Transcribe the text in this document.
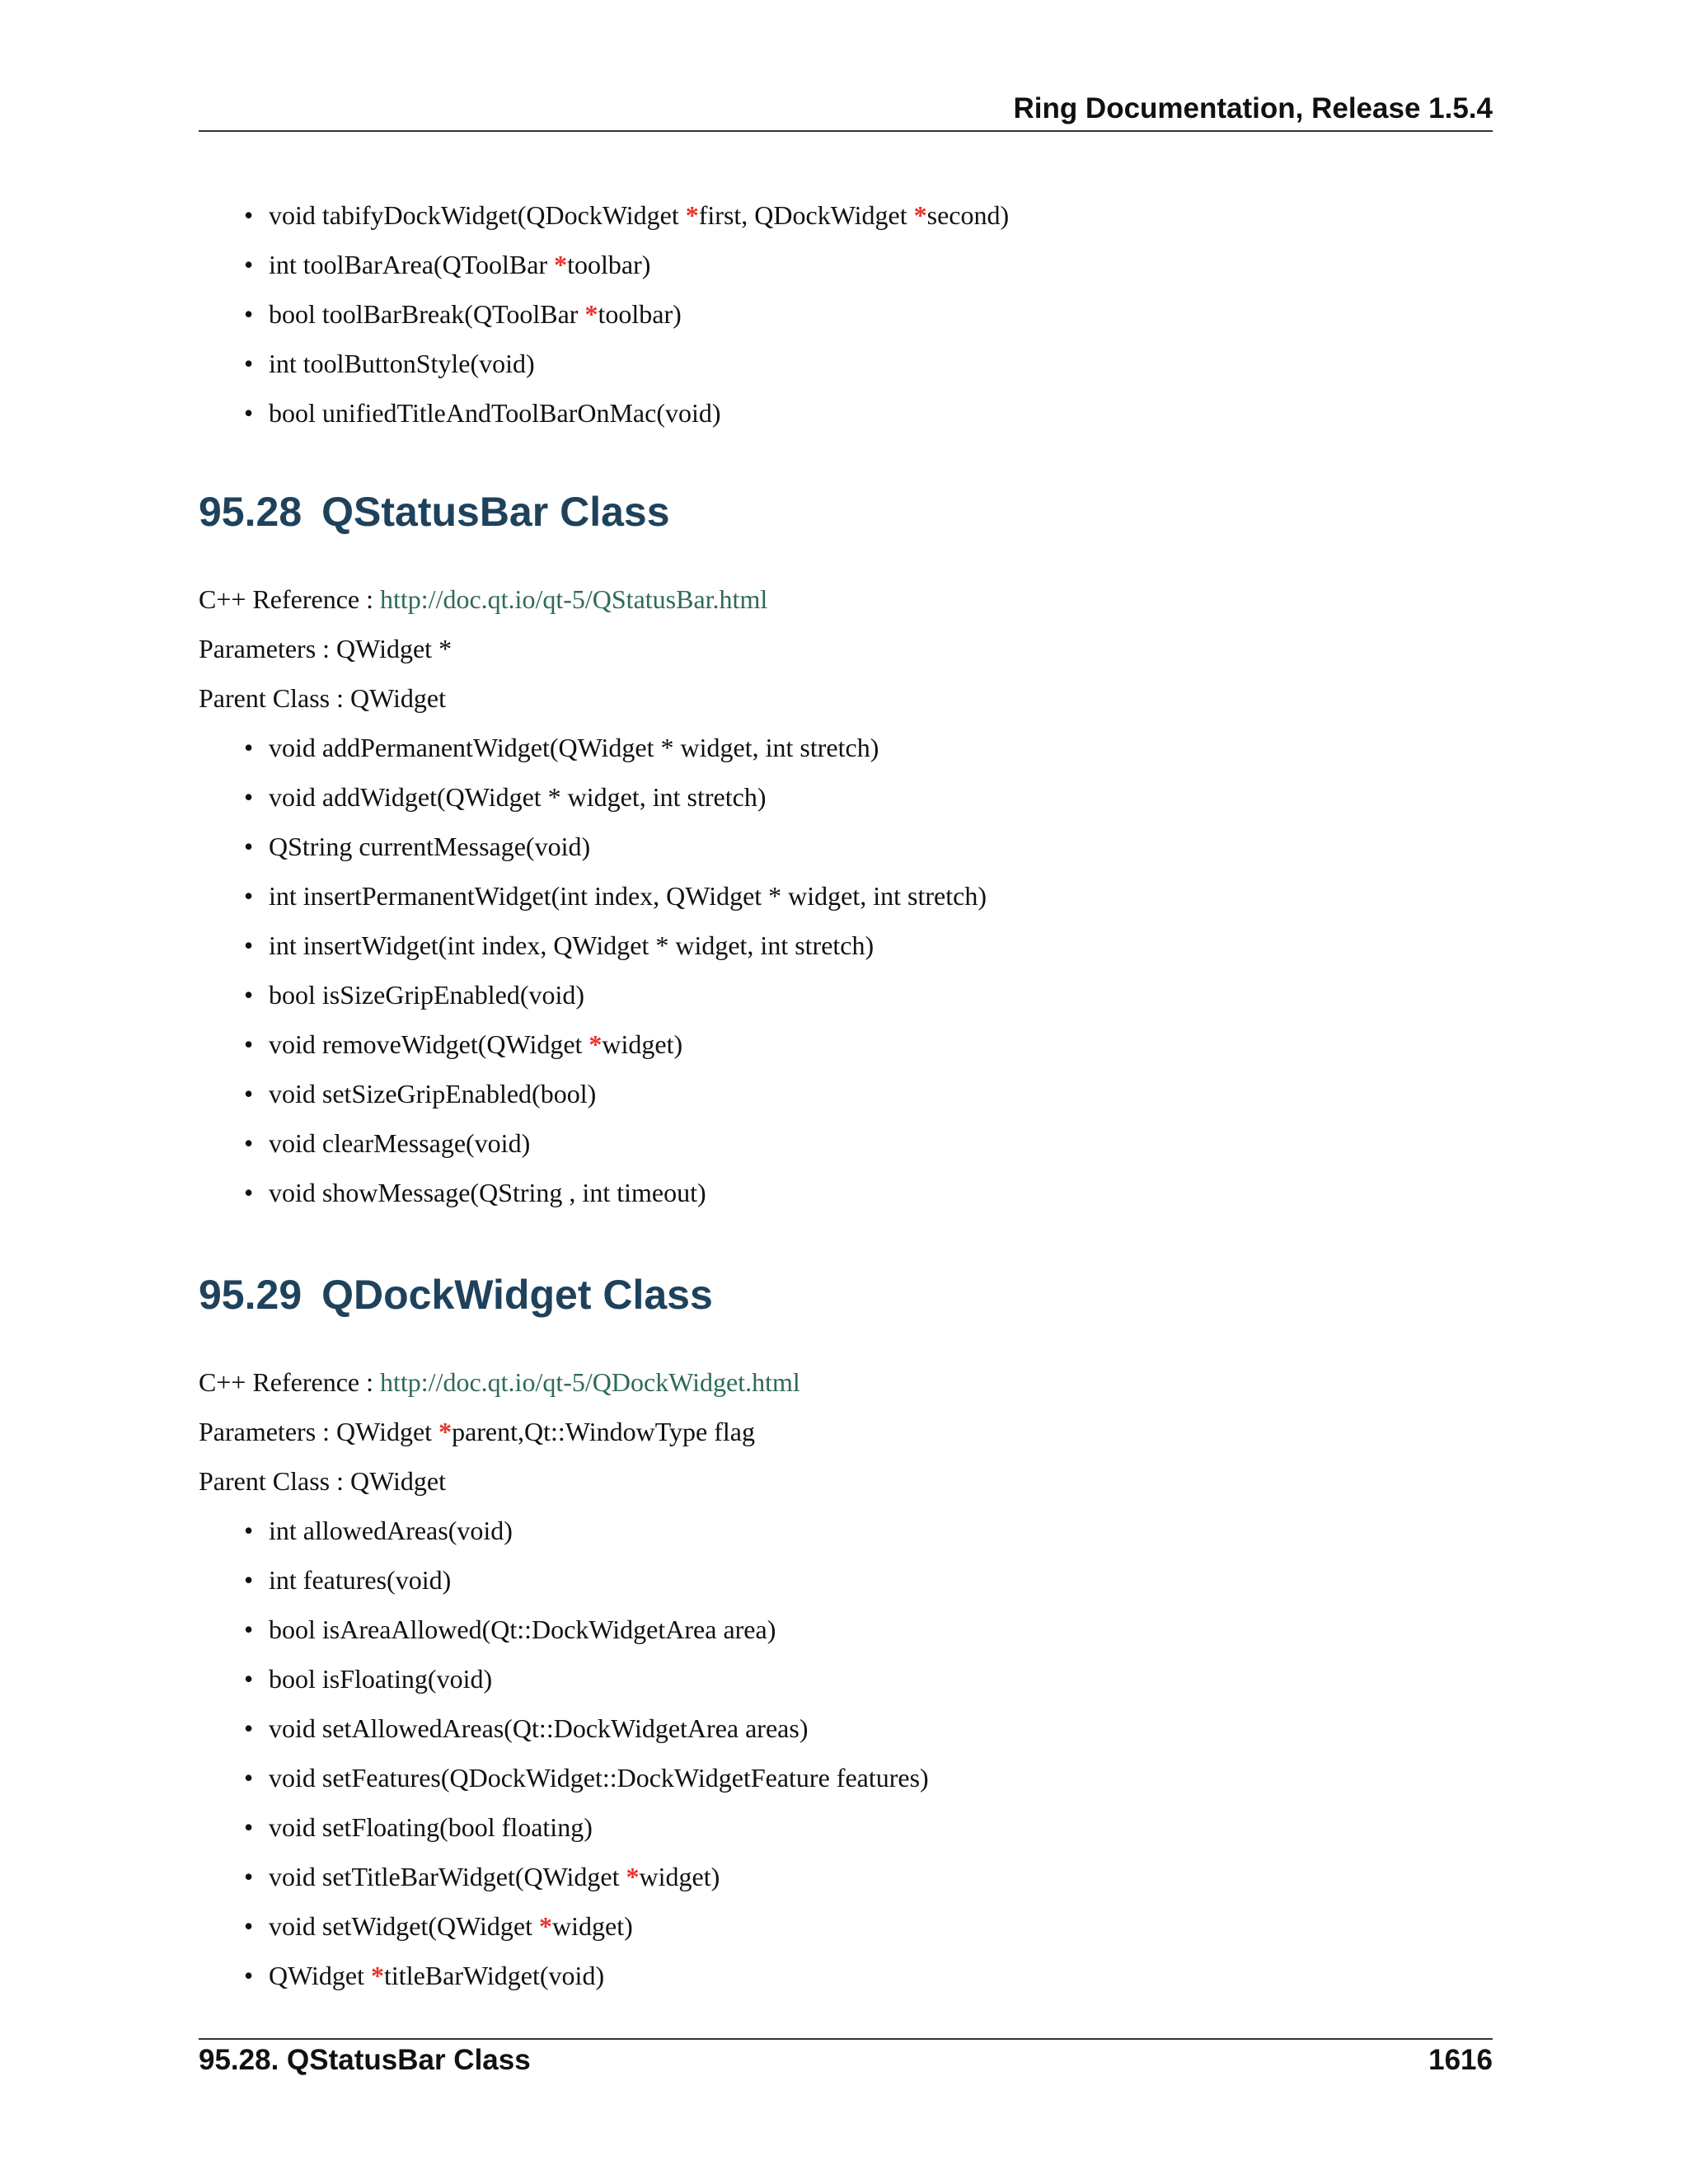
Ring Documentation, Release 1.5.4
• void tabifyDockWidget(QDockWidget *first, QDockWidget *second)
• int toolBarArea(QToolBar *toolbar)
• bool toolBarBreak(QToolBar *toolbar)
• int toolButtonStyle(void)
• bool unifiedTitleAndToolBarOnMac(void)
95.28 QStatusBar Class
C++ Reference : http://doc.qt.io/qt-5/QStatusBar.html
Parameters : QWidget *
Parent Class : QWidget
• void addPermanentWidget(QWidget * widget, int stretch)
• void addWidget(QWidget * widget, int stretch)
• QString currentMessage(void)
• int insertPermanentWidget(int index, QWidget * widget, int stretch)
• int insertWidget(int index, QWidget * widget, int stretch)
• bool isSizeGripEnabled(void)
• void removeWidget(QWidget *widget)
• void setSizeGripEnabled(bool)
• void clearMessage(void)
• void showMessage(QString , int timeout)
95.29 QDockWidget Class
C++ Reference : http://doc.qt.io/qt-5/QDockWidget.html
Parameters : QWidget *parent,Qt::WindowType flag
Parent Class : QWidget
• int allowedAreas(void)
• int features(void)
• bool isAreaAllowed(Qt::DockWidgetArea area)
• bool isFloating(void)
• void setAllowedAreas(Qt::DockWidgetArea areas)
• void setFeatures(QDockWidget::DockWidgetFeature features)
• void setFloating(bool floating)
• void setTitleBarWidget(QWidget *widget)
• void setWidget(QWidget *widget)
• QWidget *titleBarWidget(void)
95.28. QStatusBar Class	1616
